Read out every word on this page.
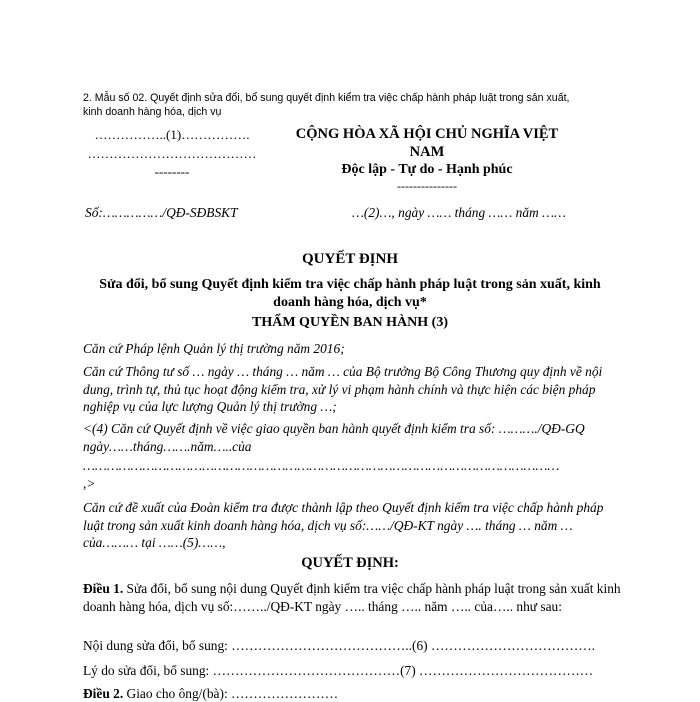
2. Mẫu số 02. Quyết định sửa đổi, bổ sung quyết định kiểm tra việc chấp hành pháp luật trong sản xuất,
kinh doanh hàng hóa, dịch vụ
……………..(1)…………….
…………………………………
--------
CỘNG HÒA XÃ HỘI CHỦ NGHĨA VIỆT
NAM
Độc lập - Tự do - Hạnh phúc
---------------
Số:……………/QĐ-SĐBSKT	…(2)…, ngày …… tháng …… năm ……
QUYẾT ĐỊNH
Sửa đổi, bổ sung Quyết định kiểm tra việc chấp hành pháp luật trong sản xuất, kinh doanh hàng hóa, dịch vụ*
THẨM QUYỀN BAN HÀNH (3)
Căn cứ Pháp lệnh Quản lý thị trường năm 2016;
Căn cứ Thông tư số … ngày … tháng … năm … của Bộ trưởng Bộ Công Thương quy định về nội dung, trình tự, thủ tục hoạt động kiểm tra, xử lý vi phạm hành chính và thực hiện các biện pháp nghiệp vụ của lực lượng Quản lý thị trường …;
<(4) Căn cứ Quyết định về việc giao quyền ban hành quyết định kiểm tra số: ………./QĐ-GQ ngày……tháng…….năm…..của
…………………………………………………………………………………………………………
,>
Căn cứ đề xuất của Đoàn kiểm tra được thành lập theo Quyết định kiểm tra việc chấp hành pháp luật trong sản xuất kinh doanh hàng hóa, dịch vụ số:……/QĐ-KT ngày …. tháng … năm … của……… tại ……(5)……,
QUYẾT ĐỊNH:
Điều 1. Sửa đổi, bổ sung nội dung Quyết định kiểm tra việc chấp hành pháp luật trong sản xuất kinh doanh hàng hóa, dịch vụ số:……../QĐ-KT ngày ….. tháng ….. năm ….. của….. như sau:
Nội dung sửa đổi, bổ sung: …………………………………..(6) ……………………………….
Lý do sửa đổi, bổ sung: ……………………………………(7) …………………………………
Điều 2. Giao cho ông/(bà): ……………………
